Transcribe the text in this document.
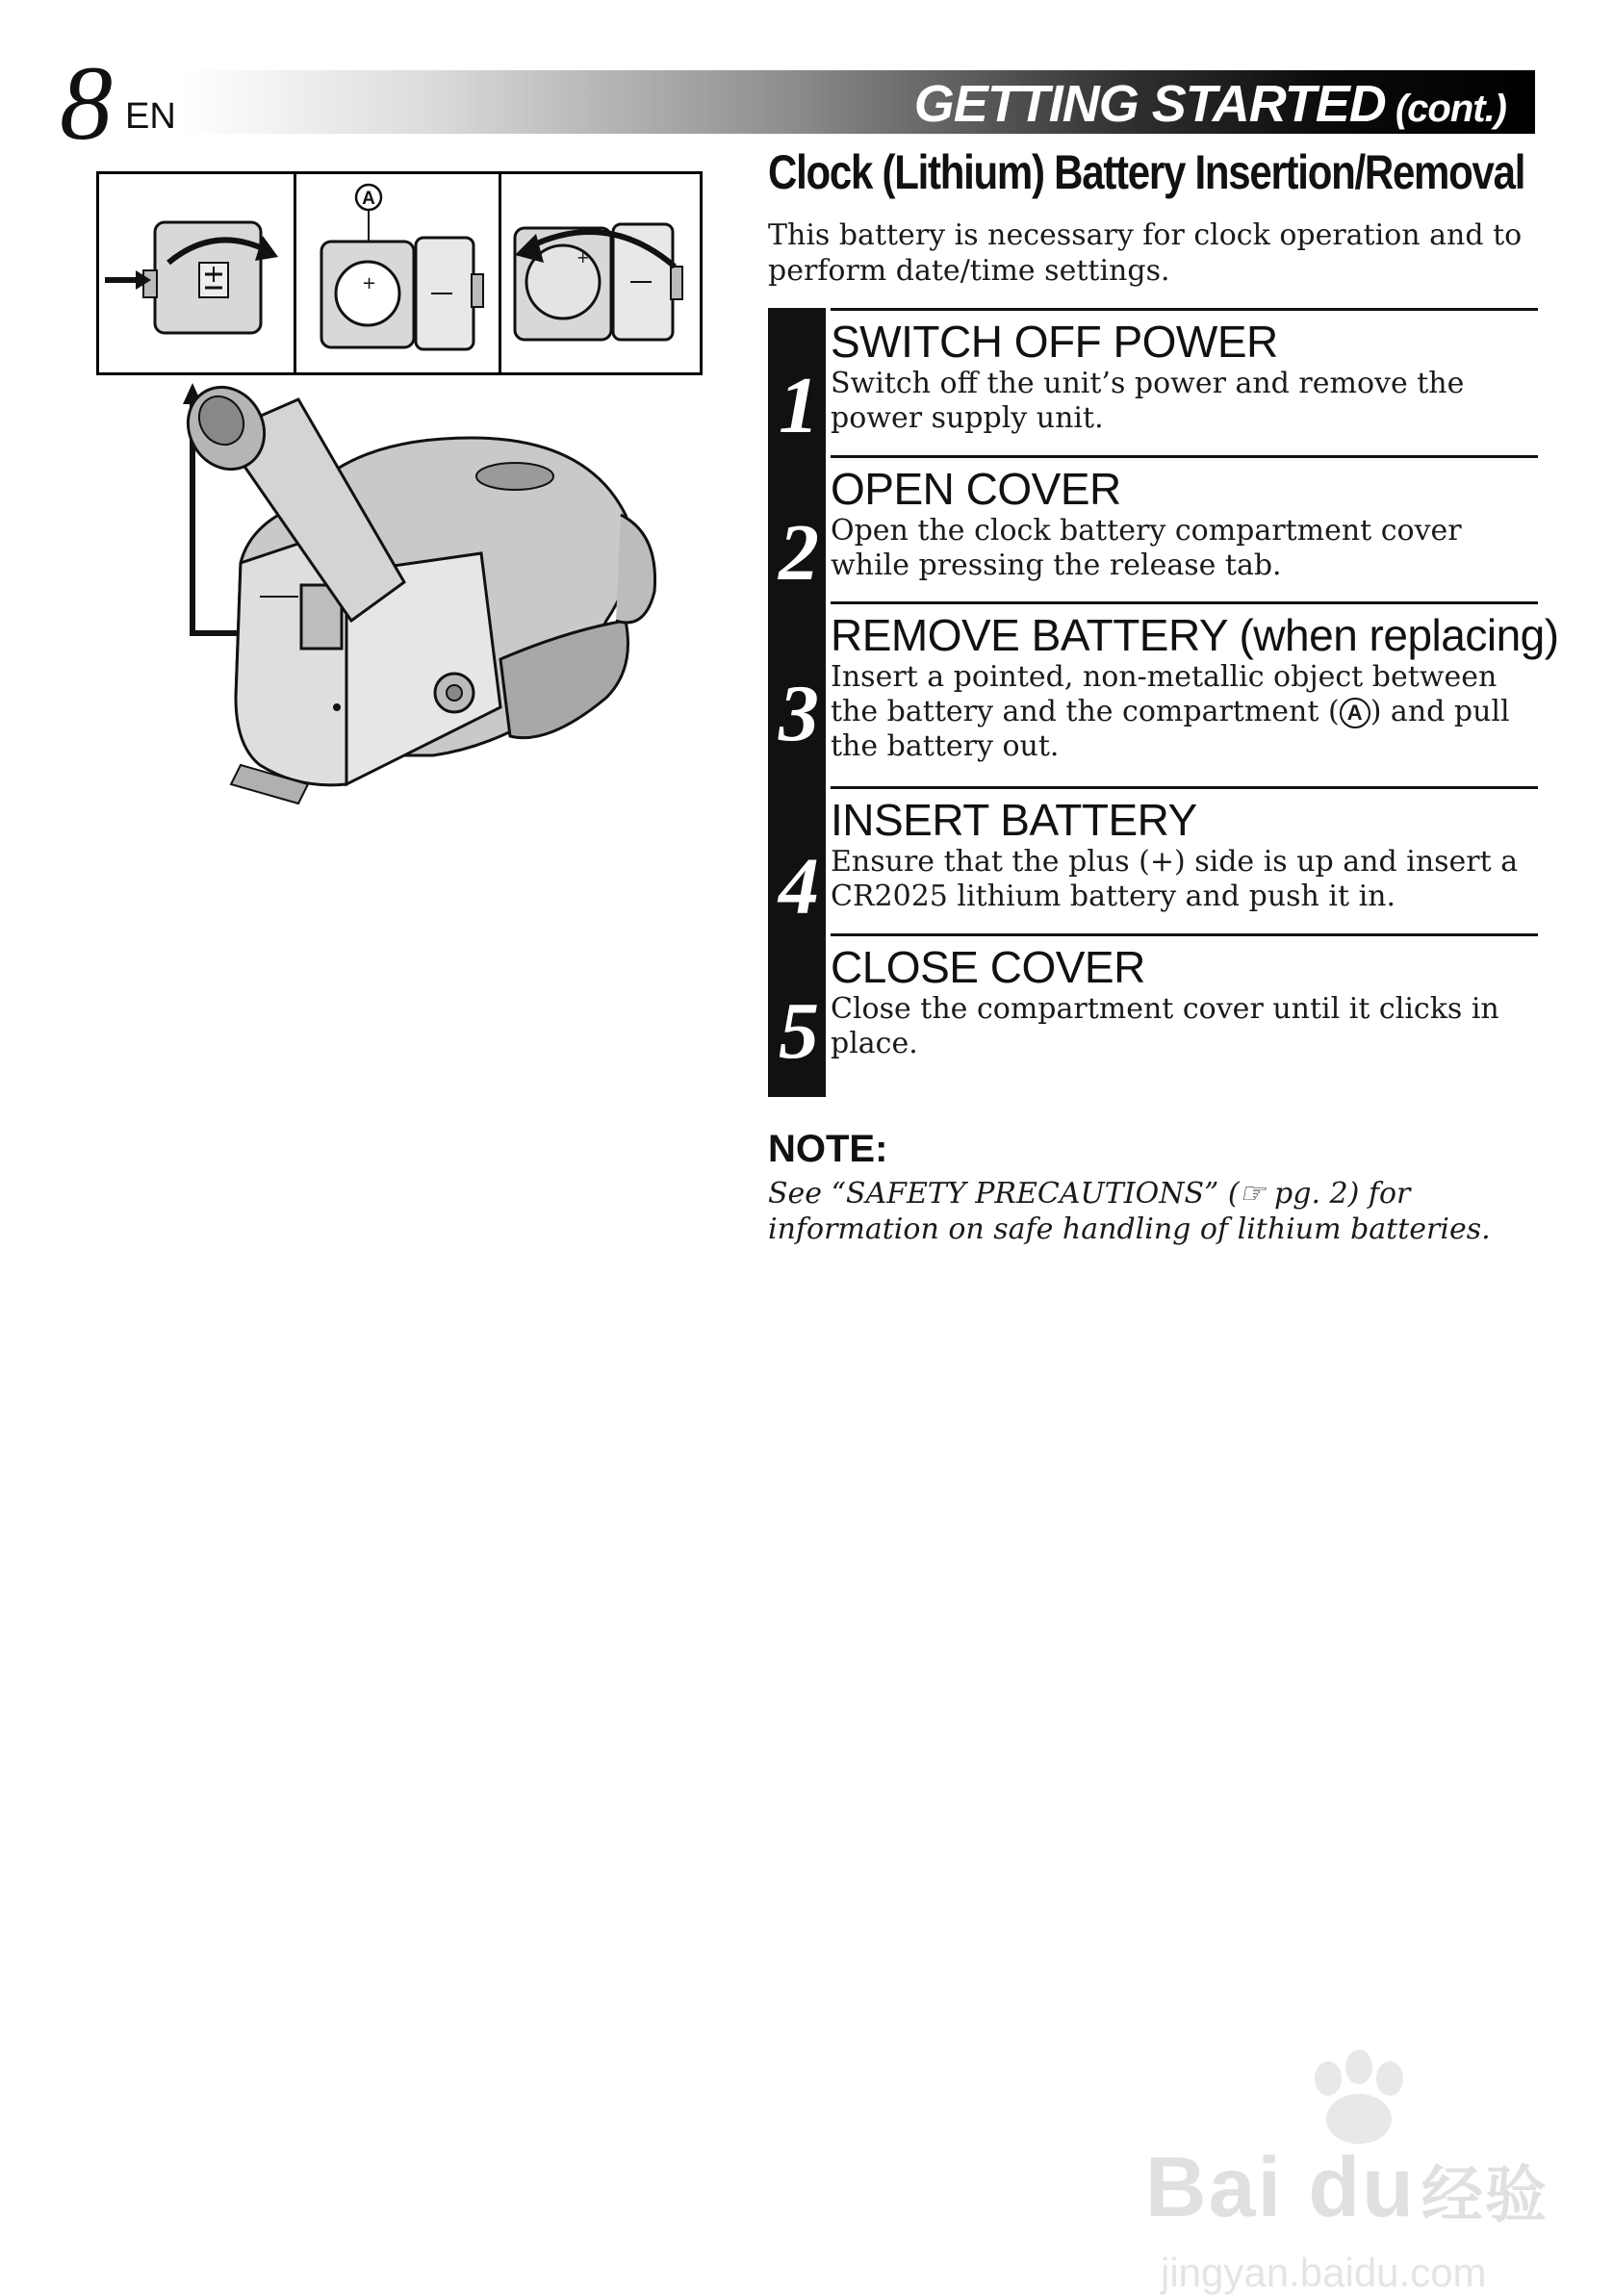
8 EN	GETTING STARTED (cont.)
A
+
+
Clock (Lithium) Battery Insertion/Removal
This battery is necessary for clock operation and to perform date/time settings.
SWITCH OFF POWER
Switch off the unit’s power and remove the power supply unit.
1
OPEN COVER
Open the clock battery compartment cover while pressing the release tab.
2
REMOVE BATTERY (when replacing)
Insert a pointed, non-metallic object between the battery and the compartment ( A ) and pull the battery out.
3
INSERT BATTERY
Ensure that the plus (+) side is up and insert a CR2025 lithium battery and push it in.
4
CLOSE COVER
Close the compartment cover until it clicks in place.
5
NOTE:
See “SAFETY PRECAUTIONS” (☞ pg. 2) for information on safe handling of lithium batteries.
Bai du经验
jingyan.baidu.com
